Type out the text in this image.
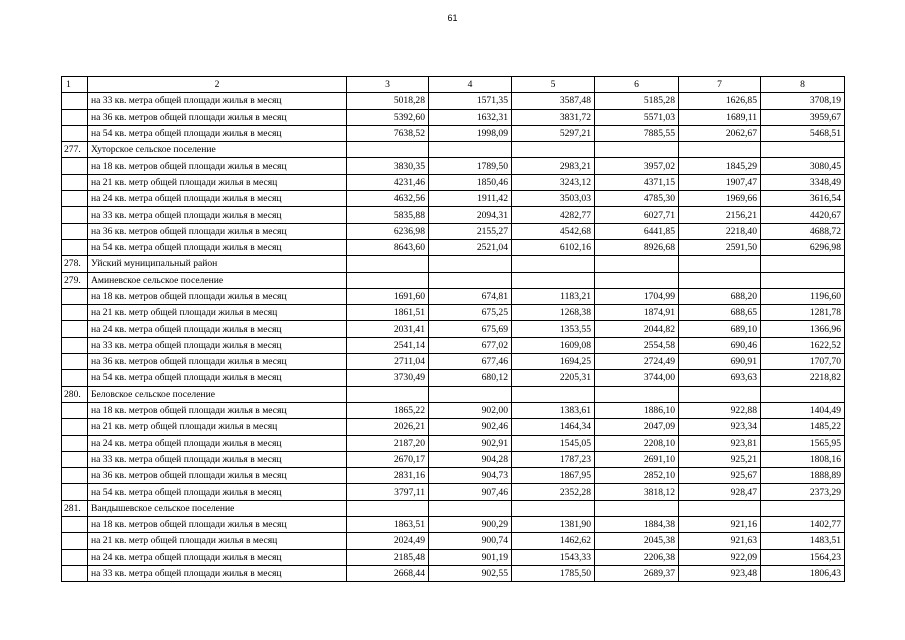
61
1	2	3	4	5	6	7	8
	на 33 кв. метра общей площади жилья в месяц	5018,28	1571,35	3587,48	5185,28	1626,85	3708,19
	на 36 кв. метров общей площади жилья в месяц	5392,60	1632,31	3831,72	5571,03	1689,11	3959,67
	на 54 кв. метра общей площади жилья в месяц	7638,52	1998,09	5297,21	7885,55	2062,67	5468,51
277.	Хуторское сельское поселение						
	на 18 кв. метров общей площади жилья в месяц	3830,35	1789,50	2983,21	3957,02	1845,29	3080,45
	на 21 кв. метр общей площади жилья в месяц	4231,46	1850,46	3243,12	4371,15	1907,47	3348,49
	на 24 кв. метра общей площади жилья в месяц	4632,56	1911,42	3503,03	4785,30	1969,66	3616,54
	на 33 кв. метра общей площади жилья в месяц	5835,88	2094,31	4282,77	6027,71	2156,21	4420,67
	на 36 кв. метров общей площади жилья в месяц	6236,98	2155,27	4542,68	6441,85	2218,40	4688,72
	на 54 кв. метра общей площади жилья в месяц	8643,60	2521,04	6102,16	8926,68	2591,50	6296,98
278.	Уйский муниципальный район						
279.	Аминевское сельское поселение						
	на 18 кв. метров общей площади жилья в месяц	1691,60	674,81	1183,21	1704,99	688,20	1196,60
	на 21 кв. метр общей площади жилья в месяц	1861,51	675,25	1268,38	1874,91	688,65	1281,78
	на 24 кв. метра общей площади жилья в месяц	2031,41	675,69	1353,55	2044,82	689,10	1366,96
	на 33 кв. метра общей площади жилья в месяц	2541,14	677,02	1609,08	2554,58	690,46	1622,52
	на 36 кв. метров общей площади жилья в месяц	2711,04	677,46	1694,25	2724,49	690,91	1707,70
	на 54 кв. метра общей площади жилья в месяц	3730,49	680,12	2205,31	3744,00	693,63	2218,82
280.	Беловское сельское поселение						
	на 18 кв. метров общей площади жилья в месяц	1865,22	902,00	1383,61	1886,10	922,88	1404,49
	на 21 кв. метр общей площади жилья в месяц	2026,21	902,46	1464,34	2047,09	923,34	1485,22
	на 24 кв. метра общей площади жилья в месяц	2187,20	902,91	1545,05	2208,10	923,81	1565,95
	на 33 кв. метра общей площади жилья в месяц	2670,17	904,28	1787,23	2691,10	925,21	1808,16
	на 36 кв. метров общей площади жилья в месяц	2831,16	904,73	1867,95	2852,10	925,67	1888,89
	на 54 кв. метра общей площади жилья в месяц	3797,11	907,46	2352,28	3818,12	928,47	2373,29
281.	Вандышевское сельское поселение						
	на 18 кв. метров общей площади жилья в месяц	1863,51	900,29	1381,90	1884,38	921,16	1402,77
	на 21 кв. метр общей площади жилья в месяц	2024,49	900,74	1462,62	2045,38	921,63	1483,51
	на 24 кв. метра общей площади жилья в месяц	2185,48	901,19	1543,33	2206,38	922,09	1564,23
	на 33 кв. метра общей площади жилья в месяц	2668,44	902,55	1785,50	2689,37	923,48	1806,43
